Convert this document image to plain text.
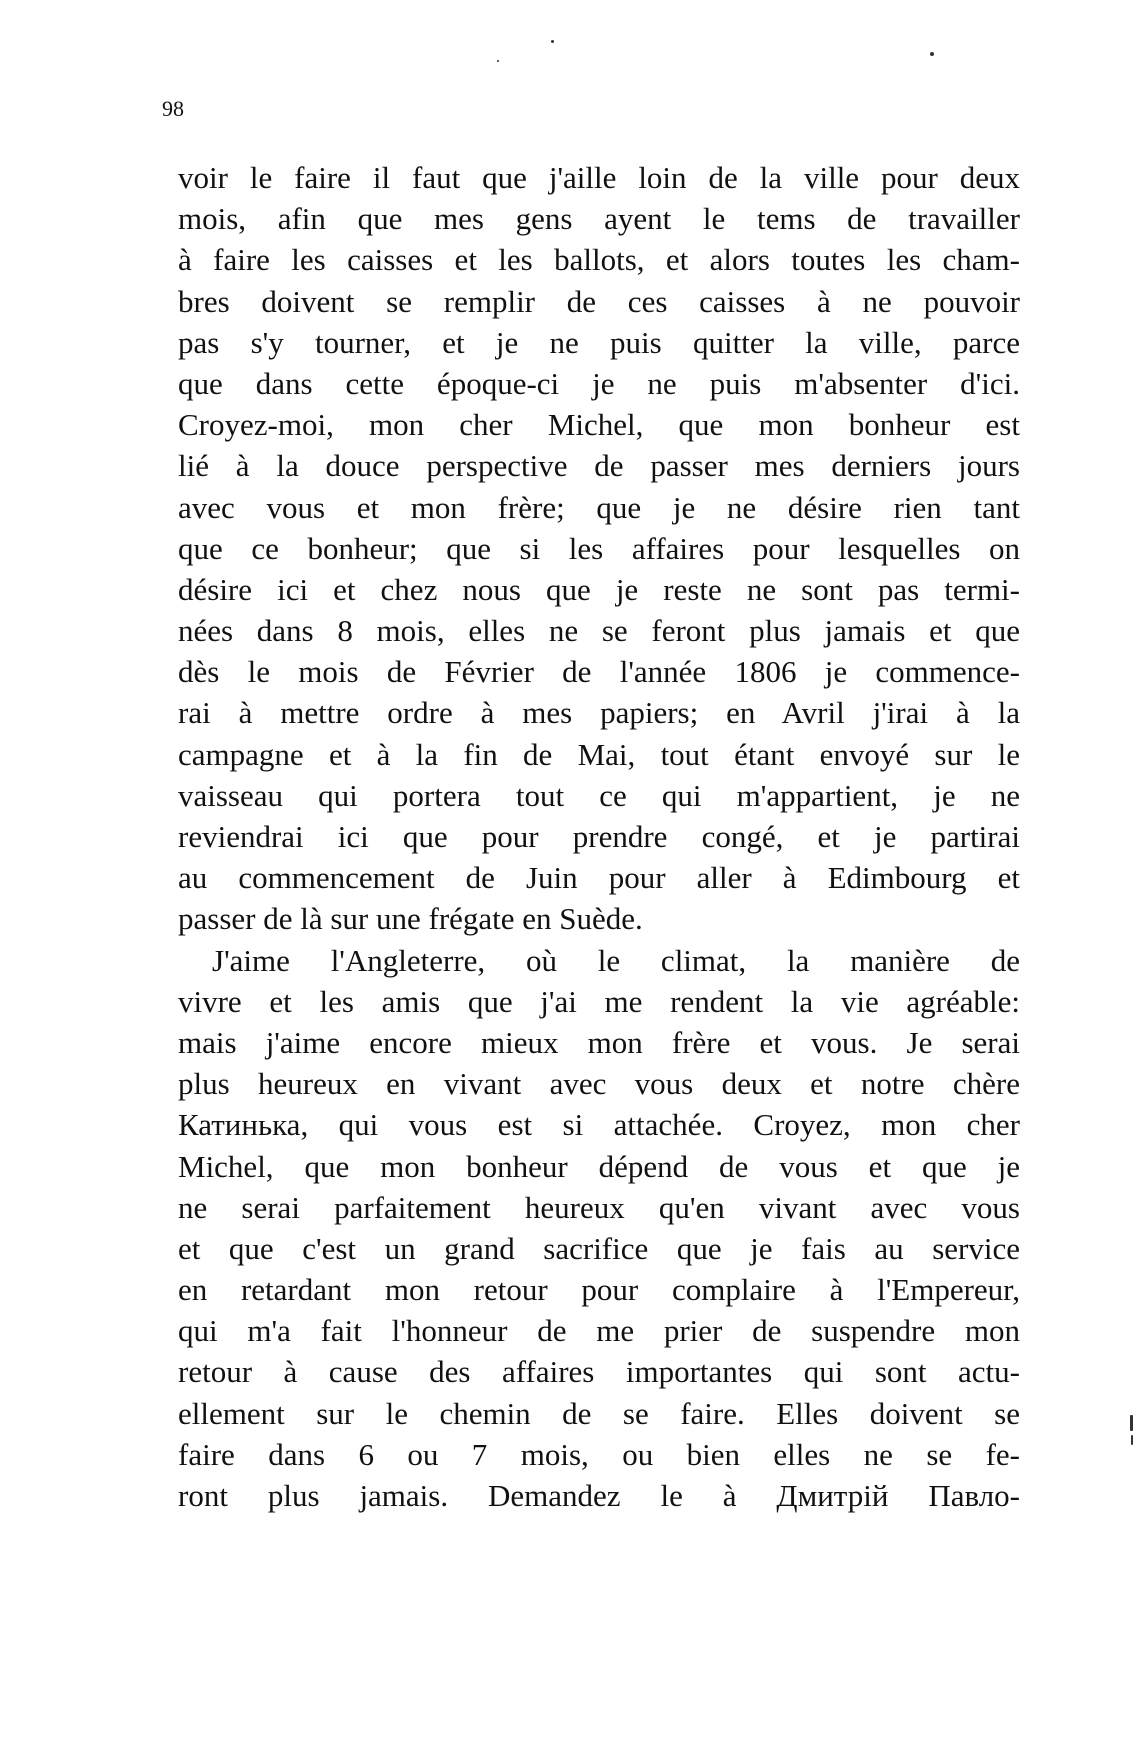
98
voir le faire il faut que j'aille loin de la ville pour deux
mois, afin que mes gens ayent le tems de travailler
à faire les caisses et les ballots, et alors toutes les cham-
bres doivent se remplir de ces caisses à ne pouvoir
pas s'y tourner, et je ne puis quitter la ville, parce
que dans cette époque-ci je ne puis m'absenter d'ici.
Croyez-moi, mon cher Michel, que mon bonheur est
lié à la douce perspective de passer mes derniers jours
avec vous et mon frère; que je ne désire rien tant
que ce bonheur; que si les affaires pour lesquelles on
désire ici et chez nous que je reste ne sont pas termi-
nées dans 8 mois, elles ne se feront plus jamais et que
dès le mois de Février de l'année 1806 je commence-
rai à mettre ordre à mes papiers; en Avril j'irai à la
campagne et à la fin de Mai, tout étant envoyé sur le
vaisseau qui portera tout ce qui m'appartient, je ne
reviendrai ici que pour prendre congé, et je partirai
au commencement de Juin pour aller à Edimbourg et
passer de là sur une frégate en Suède.
J'aime l'Angleterre, où le climat, la manière de
vivre et les amis que j'ai me rendent la vie agréable:
mais j'aime encore mieux mon frère et vous. Je serai
plus heureux en vivant avec vous deux et notre chère
Катинька, qui vous est si attachée. Croyez, mon cher
Michel, que mon bonheur dépend de vous et que je
ne serai parfaitement heureux qu'en vivant avec vous
et que c'est un grand sacrifice que je fais au service
en retardant mon retour pour complaire à l'Empereur,
qui m'a fait l'honneur de me prier de suspendre mon
retour à cause des affaires importantes qui sont actu-
ellement sur le chemin de se faire. Elles doivent se
faire dans 6 ou 7 mois, ou bien elles ne se fe-
ront plus jamais. Demandez le à Дмитрій Павло-
